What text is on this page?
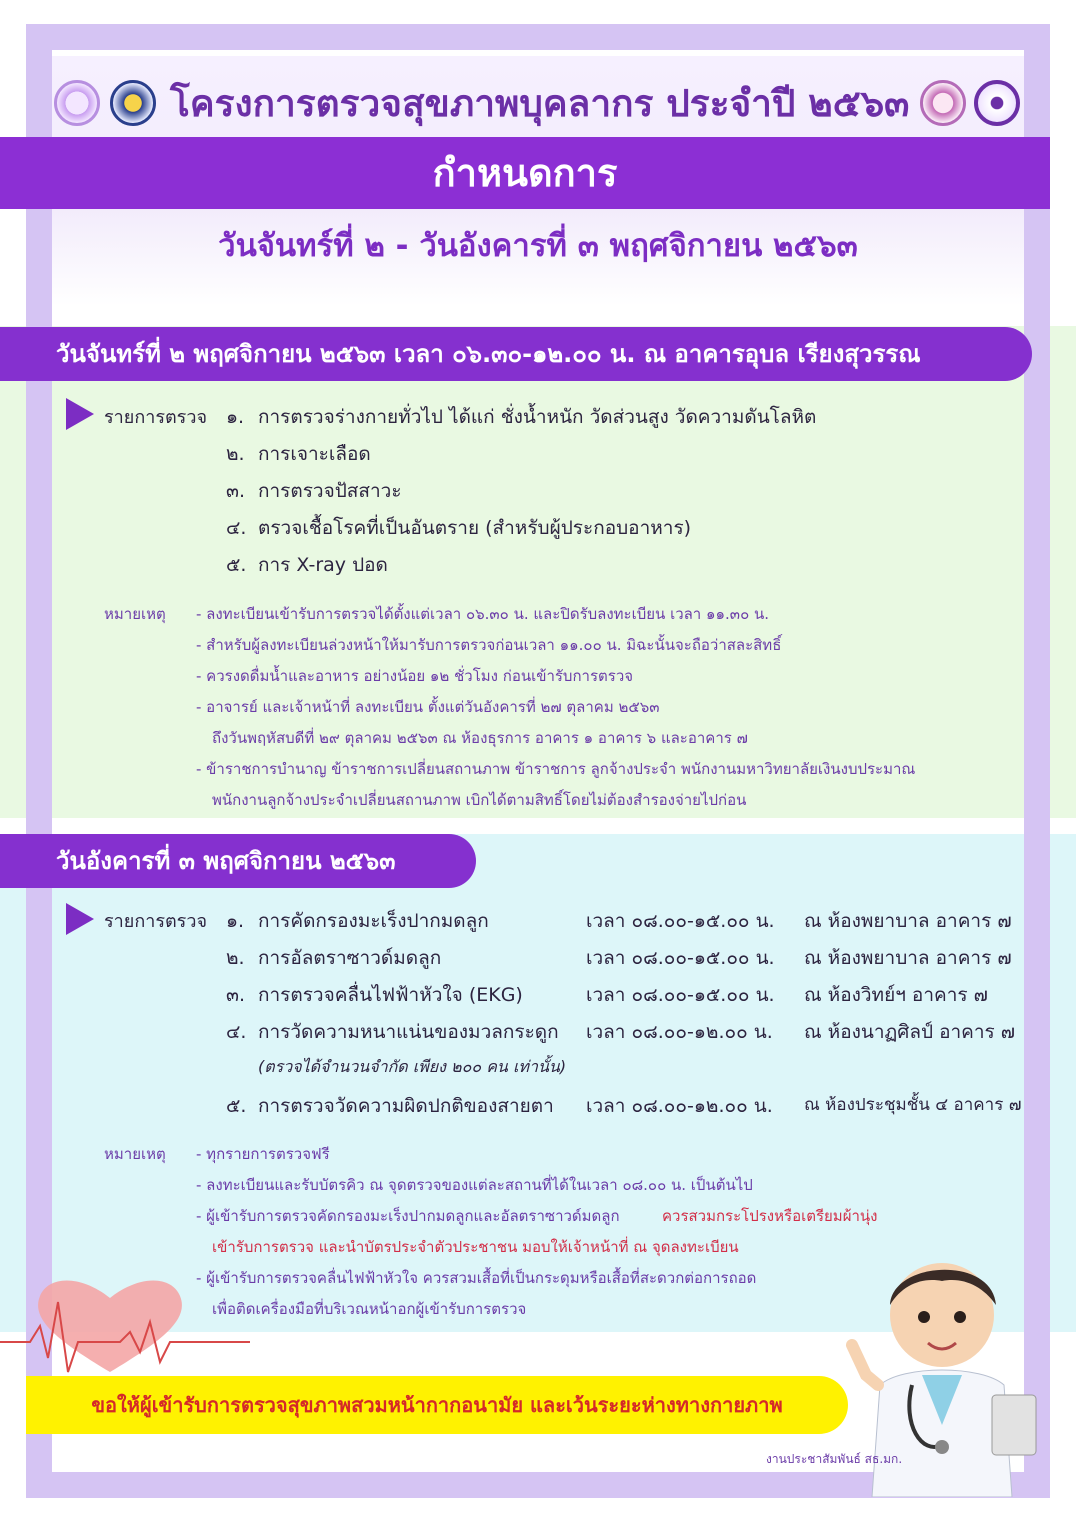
โครงการตรวจสุขภาพบุคลากร ประจำปี ๒๕๖๓
กำหนดการ
วันจันทร์ที่ ๒ - วันอังคารที่ ๓ พฤศจิกายน ๒๕๖๓
วันจันทร์ที่ ๒ พฤศจิกายน ๒๕๖๓ เวลา ๐๖.๓๐-๑๒.๐๐ น. ณ อาคารอุบล เรียงสุวรรณ
รายการตรวจ ๑. การตรวจร่างกายทั่วไป ได้แก่ ชั่งน้ำหนัก วัดส่วนสูง วัดความดันโลหิต
๒. การเจาะเลือด
๓. การตรวจปัสสาวะ
๔. ตรวจเชื้อโรคที่เป็นอันตราย (สำหรับผู้ประกอบอาหาร)
๕. การ X-ray ปอด
หมายเหตุ - ลงทะเบียนเข้ารับการตรวจได้ตั้งแต่เวลา ๐๖.๓๐ น. และปิดรับลงทะเบียน เวลา ๑๑.๓๐ น.
- สำหรับผู้ลงทะเบียนล่วงหน้าให้มารับการตรวจก่อนเวลา ๑๑.๐๐ น. มิฉะนั้นจะถือว่าสละสิทธิ์
- ควรงดดื่มน้ำและอาหาร อย่างน้อย ๑๒ ชั่วโมง ก่อนเข้ารับการตรวจ
- อาจารย์ และเจ้าหน้าที่ ลงทะเบียน ตั้งแต่วันอังคารที่ ๒๗ ตุลาคม ๒๕๖๓
ถึงวันพฤหัสบดีที่ ๒๙ ตุลาคม ๒๕๖๓ ณ ห้องธุรการ อาคาร ๑ อาคาร ๖ และอาคาร ๗
- ข้าราชการบำนาญ ข้าราชการเปลี่ยนสถานภาพ ข้าราชการ ลูกจ้างประจำ พนักงานมหาวิทยาลัยเงินงบประมาณ
พนักงานลูกจ้างประจำเปลี่ยนสถานภาพ เบิกได้ตามสิทธิ์โดยไม่ต้องสำรองจ่ายไปก่อน
วันอังคารที่ ๓ พฤศจิกายน ๒๕๖๓
รายการตรวจ ๑. การคัดกรองมะเร็งปากมดลูก	เวลา ๐๘.๐๐-๑๕.๐๐ น. ณ ห้องพยาบาล อาคาร ๗
๒. การอัลตราซาวด์มดลูก	เวลา ๐๘.๐๐-๑๕.๐๐ น. ณ ห้องพยาบาล อาคาร ๗
๓. การตรวจคลื่นไฟฟ้าหัวใจ (EKG)	เวลา ๐๘.๐๐-๑๕.๐๐ น. ณ ห้องวิทย์ฯ อาคาร ๗
๔. การวัดความหนาแน่นของมวลกระดูก เวลา ๐๘.๐๐-๑๒.๐๐ น. ณ ห้องนาฏศิลป์ อาคาร ๗
(ตรวจได้จำนวนจำกัด เพียง ๒๐๐ คน เท่านั้น)
๕. การตรวจวัดความผิดปกติของสายตา เวลา ๐๘.๐๐-๑๒.๐๐ น. ณ ห้องประชุมชั้น ๔ อาคาร ๗
หมายเหตุ - ทุกรายการตรวจฟรี
- ลงทะเบียนและรับบัตรคิว ณ จุดตรวจของแต่ละสถานที่ได้ในเวลา ๐๘.๐๐ น. เป็นต้นไป
- ผู้เข้ารับการตรวจคัดกรองมะเร็งปากมดลูกและอัลตราซาวด์มดลูก	ควรสวมกระโปรงหรือเตรียมผ้านุ่ง
เข้ารับการตรวจ และนำบัตรประจำตัวประชาชน มอบให้เจ้าหน้าที่ ณ จุดลงทะเบียน
- ผู้เข้ารับการตรวจคลื่นไฟฟ้าหัวใจ ควรสวมเสื้อที่เป็นกระดุมหรือเสื้อที่สะดวกต่อการถอด
เพื่อติดเครื่องมือที่บริเวณหน้าอกผู้เข้ารับการตรวจ
ขอให้ผู้เข้ารับการตรวจสุขภาพสวมหน้ากากอนามัย และเว้นระยะห่างทางกายภาพ
งานประชาสัมพันธ์ สธ.มก.
